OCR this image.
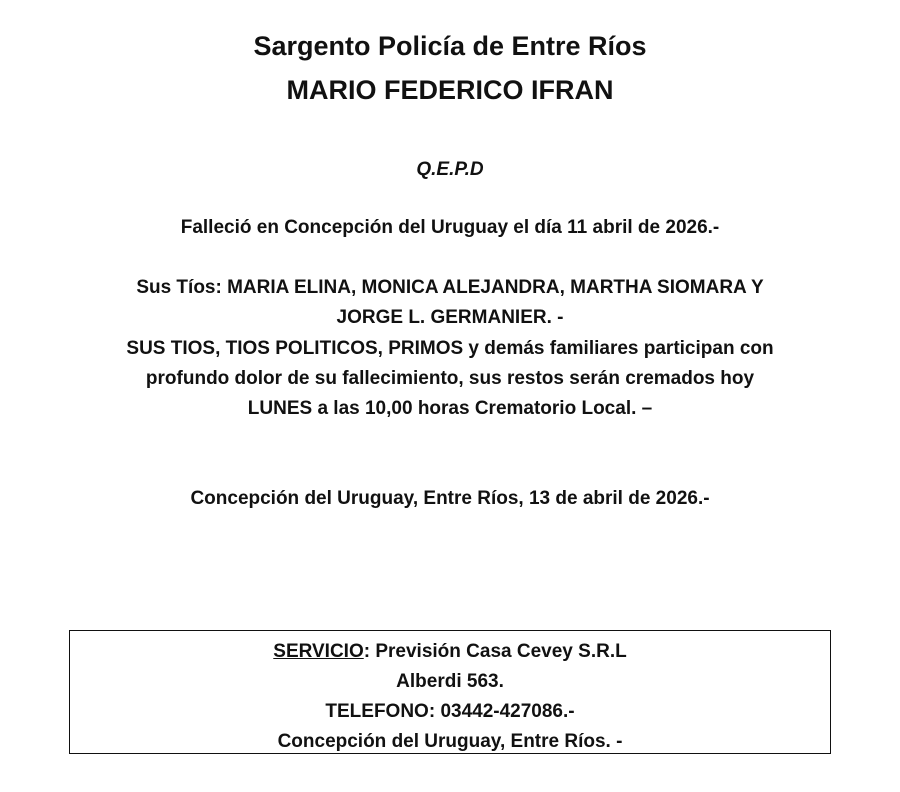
Sargento Policía de Entre Ríos
MARIO FEDERICO IFRAN
Q.E.P.D
Falleció en Concepción del Uruguay el día 11 abril de 2026.-
Sus Tíos: MARIA ELINA, MONICA ALEJANDRA, MARTHA SIOMARA Y
JORGE L. GERMANIER. -
SUS TIOS, TIOS POLITICOS, PRIMOS y demás familiares participan con
profundo dolor de su fallecimiento, sus restos serán cremados hoy
LUNES a las 10,00 horas Crematorio Local. –
Concepción del Uruguay, Entre Ríos, 13 de abril de 2026.-
SERVICIO: Previsión Casa Cevey S.R.L
Alberdi 563.
TELEFONO: 03442-427086.-
Concepción del Uruguay, Entre Ríos. -
